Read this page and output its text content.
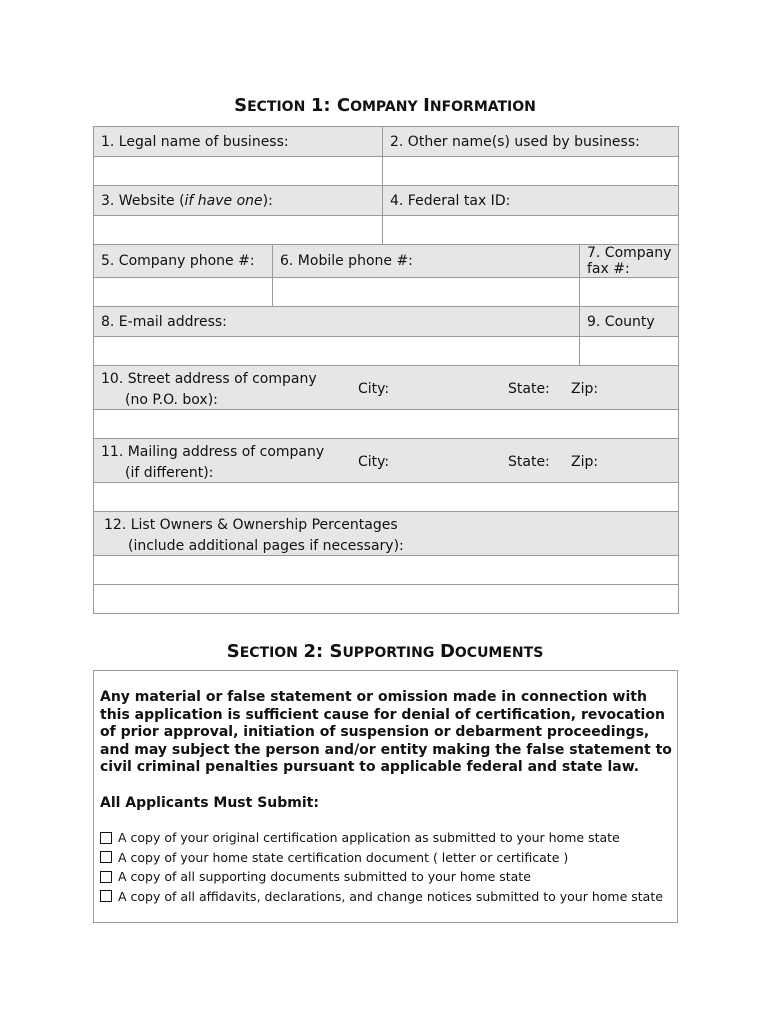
SECTION 1: COMPANY INFORMATION
1. Legal name of business:		2. Other name(s) used by business:	

3. Website (if have one):		4. Federal tax ID:	

5. Company phone #:	6. Mobile phone #:		7. Company fax #:

8. E-mail address:			9. County

10. Street address of company
(no P.O. box):
City: State: Zip:			

11. Mailing address of company
(if different):
City: State: Zip:			

12. List Owners & Ownership Percentages
(include additional pages if necessary):			

SECTION 2: SUPPORTING DOCUMENTS
Any material or false statement or omission made in connection with this application is sufficient cause for denial of certification, revocation of prior approval, initiation of suspension or debarment proceedings, and may subject the person and/or entity making the false statement to civil criminal penalties pursuant to applicable federal and state law.
All Applicants Must Submit:
A copy of your original certification application as submitted to your home state
A copy of your home state certification document ( letter or certificate )
A copy of all supporting documents submitted to your home state
A copy of all affidavits, declarations, and change notices submitted to your home state
